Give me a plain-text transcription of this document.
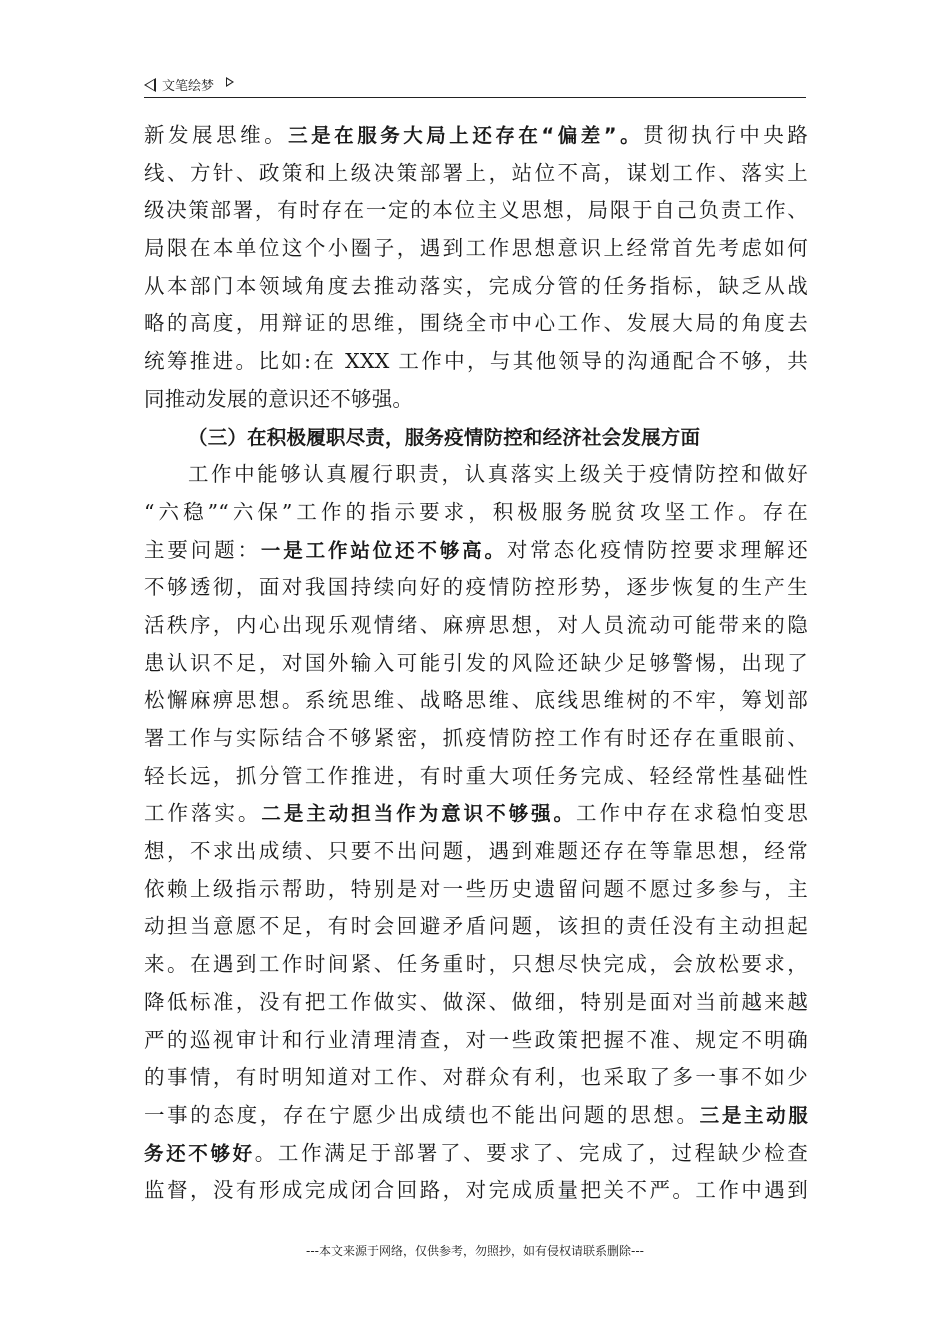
文笔绘梦
新发展思维。三是在服务大局上还存在“偏差”。贯彻执行中央路
线、方针、政策和上级决策部署上，站位不高，谋划工作、落实上
级决策部署，有时存在一定的本位主义思想，局限于自己负责工作、
局限在本单位这个小圈子，遇到工作思想意识上经常首先考虑如何
从本部门本领域角度去推动落实，完成分管的任务指标，缺乏从战
略的高度，用辩证的思维，围绕全市中心工作、发展大局的角度去
统筹推进。比如:在 XXX 工作中，与其他领导的沟通配合不够，共
同推动发展的意识还不够强。
（三）在积极履职尽责，服务疫情防控和经济社会发展方面
工作中能够认真履行职责，认真落实上级关于疫情防控和做好
“六稳”“六保”工作的指示要求，积极服务脱贫攻坚工作。存在
主要问题：一是工作站位还不够高。对常态化疫情防控要求理解还
不够透彻，面对我国持续向好的疫情防控形势，逐步恢复的生产生
活秩序，内心出现乐观情绪、麻痹思想，对人员流动可能带来的隐
患认识不足，对国外输入可能引发的风险还缺少足够警惕，出现了
松懈麻痹思想。系统思维、战略思维、底线思维树的不牢，筹划部
署工作与实际结合不够紧密，抓疫情防控工作有时还存在重眼前、
轻长远，抓分管工作推进，有时重大项任务完成、轻经常性基础性
工作落实。二是主动担当作为意识不够强。工作中存在求稳怕变思
想，不求出成绩、只要不出问题，遇到难题还存在等靠思想，经常
依赖上级指示帮助，特别是对一些历史遗留问题不愿过多参与，主
动担当意愿不足，有时会回避矛盾问题，该担的责任没有主动担起
来。在遇到工作时间紧、任务重时，只想尽快完成，会放松要求，
降低标准，没有把工作做实、做深、做细，特别是面对当前越来越
严的巡视审计和行业清理清查，对一些政策把握不准、规定不明确
的事情，有时明知道对工作、对群众有利，也采取了多一事不如少
一事的态度，存在宁愿少出成绩也不能出问题的思想。三是主动服
务还不够好。工作满足于部署了、要求了、完成了，过程缺少检查
监督，没有形成完成闭合回路，对完成质量把关不严。工作中遇到
---本文来源于网络，仅供参考，勿照抄，如有侵权请联系删除---
